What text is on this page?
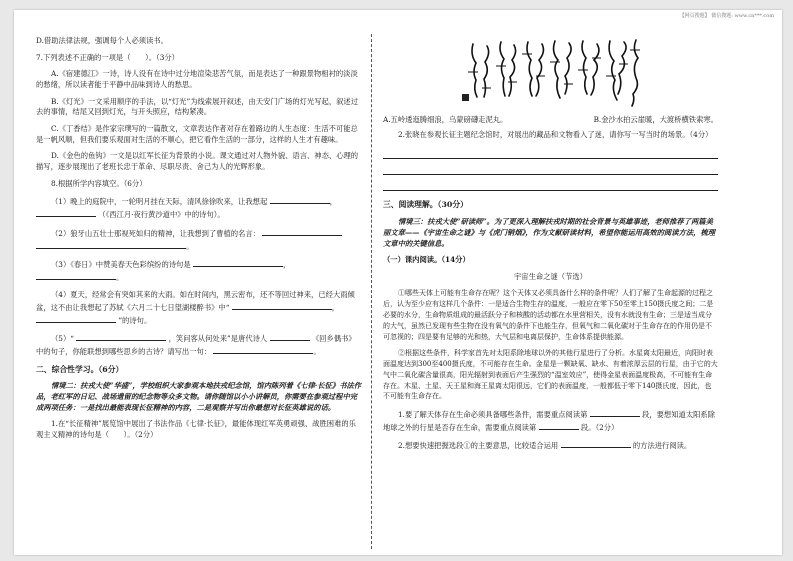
【网页搜题】 微信搜题: www.cn***.com

D.借助法律法规，强调每个人必须读书。

7.下列表述不正确的一项是（　　）。（3分）

A.《宿建德江》一诗，诗人没有在诗中过分地渲染悲苦气氛，而是表达了一种跟景物相衬的淡淡的愁绪，所以读者能于平静中品味到诗人的愁思。

B.《灯光》一文采用顺序的手法，以“灯光”为线索展开叙述，由天安门广场的灯光写起，叙述过去的事情，结尾又回到灯光，与开头照应，结构紧凑。

C.《丁香结》是作家宗璞写的一篇散文，文章表达作者对存在着路边的人生态度：生活不可能总是一帆风顺，但我们要乐观面对生活的不顺心，把它看作生活的一部分，这样的人生才有趣味。

D.《金色的鱼钩》一文是以红军长征为背景的小说。课文通过对人物外貌、语言、神态、心理的描写，逐步展现出了老班长忠于革命、尽职尽责、舍己为人的光辉形象。

8.根据所学内容填空。（6分）

（1）晚上的庭院中，一轮明月挂在天际，清风徐徐吹来，让我想起	， （《西江月·夜行黄沙道中》中的诗句）。

（2）狼牙山五壮士那视死如归的精神，让我想到了曹植的名言：
。

（3）《春日》中赞美春天色彩缤纷的诗句是	，。

（4）夏天，经常会有突如其来的大雨。如在时间内，黑云密布，还不等回过神来，已经大雨倾盆，这不由让我想起了苏轼《六月二十七日望湖楼醉书》中“	， ”的诗句。

（5）“	，笑问客从何处来”是唐代诗人	《回乡偶书》中的句子，你能联想到哪些思乡的古诗？请写出一句：	。

二、综合性学习。（6分）

情境二：扶戎大使“华盛”，学校组织大家参观本地扶戎纪念馆，馆内陈列着《七律·长征》书法作品，老红军的日记、战场遗留的纪念物等众多文物。请你随馆以小小讲解员，你需要在参观过程中完成两项任务：一是找出最能表现长征精神的内容，二是观察并写出你最想对长征英雄说的话。

1.在“长征精神”展览馆中展出了书法作品《七律·长征》，最能体现红军英勇顽强、战胜困难的乐观主义精神的诗句是（　　）。（2分）

A.五岭逶迤腾细浪，乌蒙磅礴走泥丸。	B.金沙水拍云崖暖，大渡桥横铁索寒。

2.张晓在参观长征主题纪念馆时，对展出的藏品和文物看入了迷，请你写一写当时的场景。（4分）

三、阅读理解。（30分）

情境三：扶戎大使“研读师”。为了更深入理解扶戎时期的社会背景与英雄事迹，老师推荐了两篇美丽文章——《宇宙生命之谜》与《虎门销烟》，作为文献研读材料，希望你能运用高效的阅读方法，梳理文章中的关键信息。

（一）课内阅读。（14分）

宇宙生命之谜（节选）

①哪些天体上可能有生命存在呢？这个天体又必须具备什么样的条件呢？人们了解了生命起源的过程之后，认为至少应有这样几个条件：一是适合生物生存的温度，一般应在零下50至零上150摄氏度之间；二是必要的水分，生命物质组成的最活跃分子和核酸的活动都在水里营相关，没有水就没有生命；三是适当成分的大气，虽然已发现有些生物在没有氧气的条件下也能生存，但氧气和二氧化碳对于生命存在的作用仍是不可忽视的；四是要有足够的光和热，大气层和电离层保护，生命体系提供能源。

②根据这些条件，科学家首先对太阳系除地球以外的其他行星进行了分析。水星离太阳最近，向阳时表面温度达到300至400摄氏度，不可能存在生命。金星是一颗缺氧、缺水、有着浓厚云层的行星，由于它的大气中二氧化碳含量很高，阳光辐射到表面后产生强烈的“温室效应”，使得金星表面温度极高，不可能有生命存在。木星、土星、天王星和海王星离太阳很远，它们的表面温度，一般都低于零下140摄氏度，因此，也不可能有生命存在。

1.要了解天体存在生命必须具备哪些条件，需要重点阅读第	段，要想知道太阳系除地球之外的行星是否存在生命，需要重点阅读第	段。（2分）

2.想要快速把握选段①的主要意思，比较适合运用	的方法进行阅读。
